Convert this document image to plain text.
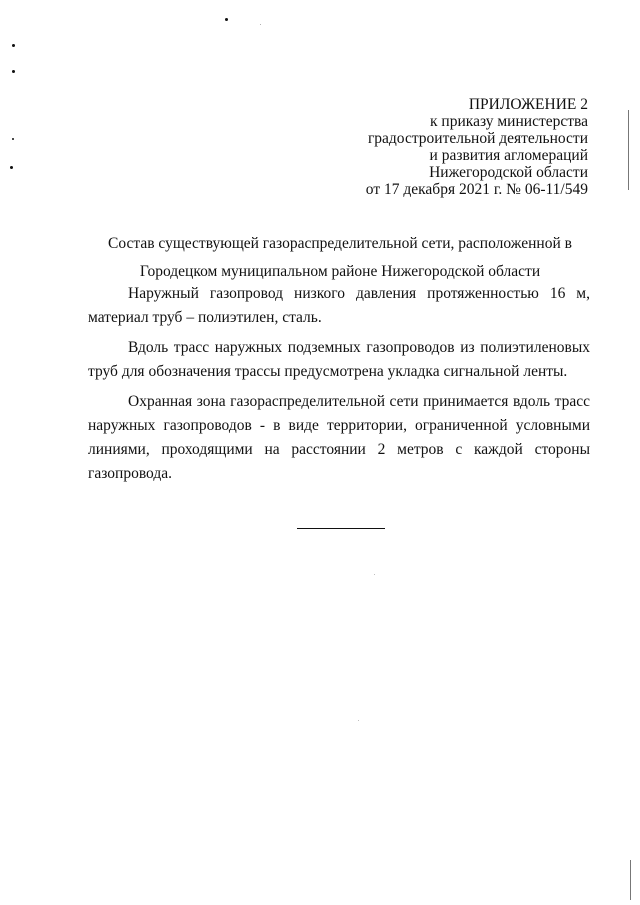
ПРИЛОЖЕНИЕ 2
к приказу министерства
градостроительной деятельности
и развития агломераций
Нижегородской области
от 17 декабря 2021 г. № 06-11/549
Состав существующей газораспределительной сети, расположенной в
Городецком муниципальном районе Нижегородской области

Наружный газопровод низкого давления протяженностью 16 м, материал труб – полиэтилен, сталь.

Вдоль трасс наружных подземных газопроводов из полиэтиленовых труб для обозначения трассы предусмотрена укладка сигнальной ленты.

Охранная зона газораспределительной сети принимается вдоль трасс наружных газопроводов - в виде территории, ограниченной условными линиями, проходящими на расстоянии 2 метров с каждой стороны газопровода.
